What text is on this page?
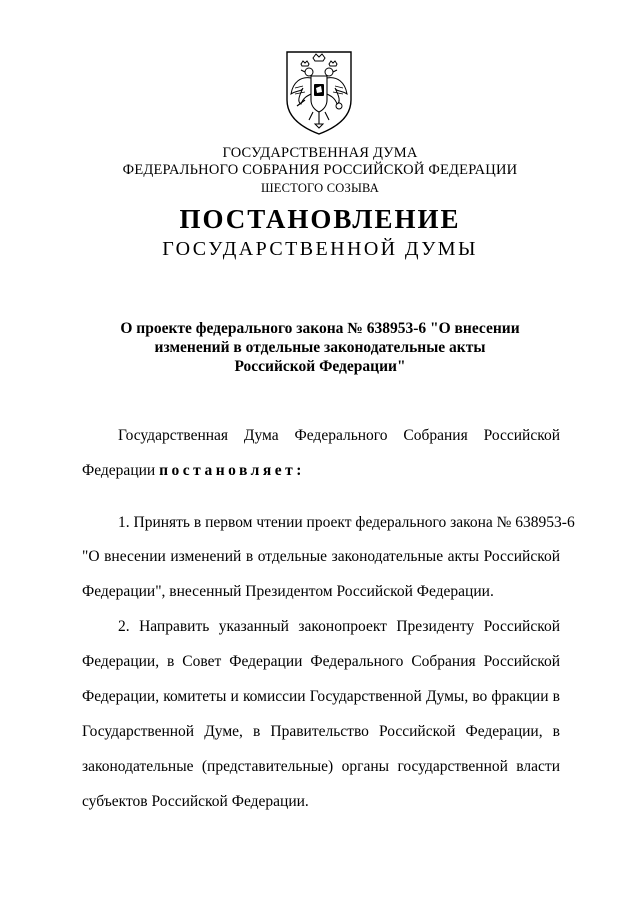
ГОСУДАРСТВЕННАЯ ДУМА
ФЕДЕРАЛЬНОГО СОБРАНИЯ РОССИЙСКОЙ ФЕДЕРАЦИИ
ШЕСТОГО СОЗЫВА
ПОСТАНОВЛЕНИЕ
ГОСУДАРСТВЕННОЙ ДУМЫ
О проекте федерального закона № 638953-6 "О внесении
изменений в отдельные законодательные акты
Российской Федерации"
Государственная Дума Федерального Собрания Российской
Федерации постановляет:
1. Принять в первом чтении проект федерального закона № 638953-6
"О внесении изменений в отдельные законодательные акты Российской
Федерации", внесенный Президентом Российской Федерации.
2. Направить указанный законопроект Президенту Российской
Федерации, в Совет Федерации Федерального Собрания Российской
Федерации, комитеты и комиссии Государственной Думы, во фракции в
Государственной Думе, в Правительство Российской Федерации, в
законодательные (представительные) органы государственной власти
субъектов Российской Федерации.
